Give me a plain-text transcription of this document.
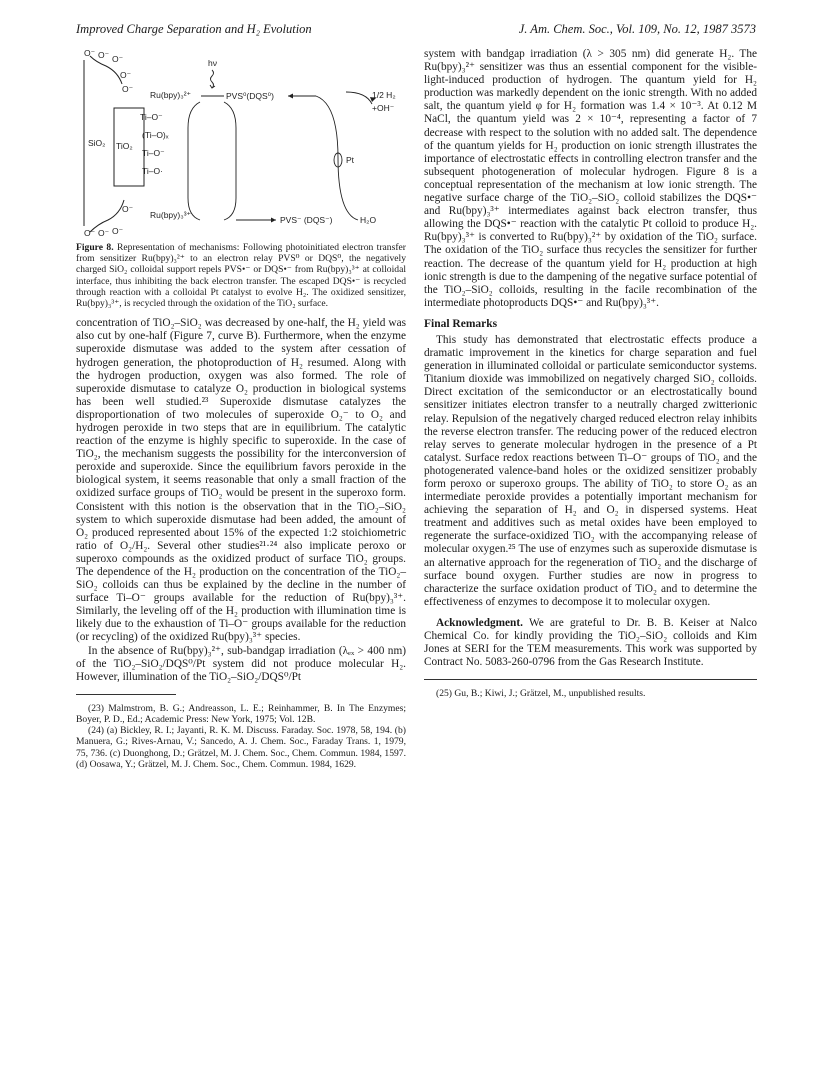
Improved Charge Separation and H₂ Evolution	J. Am. Chem. Soc., Vol. 109, No. 12, 1987 3573
O⁻ O⁻ O⁻
O⁻
O⁻
O⁻ O⁻ O⁻
O⁻
SiO₂ TiO₂
Ti–O⁻
(Ti–O)ₓ
Ti–O⁻
Ti–O·
Ru(bpy)₃²⁺
hν
PVS⁰(DQS⁰)
Ru(bpy)₃³⁺	PVS⁻ (DQS⁻)
Pt
1/2 H₂
+OH⁻
H₂O
Figure 8. Representation of mechanisms: Following photoinitiated electron transfer from sensitizer Ru(bpy)₃²⁺ to an electron relay PVS⁰ or DQS⁰, the negatively charged SiO₂ colloidal support repels PVS•⁻ or DQS•⁻ from Ru(bpy)₃³⁺ at colloidal interface, thus inhibiting the back electron transfer. The escaped DQS•⁻ is recycled through reaction with a colloidal Pt catalyst to evolve H₂. The oxidized sensitizer, Ru(bpy)₃³⁺, is recycled through the oxidation of the TiO₂ surface.

concentration of TiO₂–SiO₂ was decreased by one-half, the H₂ yield was also cut by one-half (Figure 7, curve B). Furthermore, when the enzyme superoxide dismutase was added to the system after cessation of hydrogen generation, the photoproduction of H₂ resumed. Along with the hydrogen production, oxygen was also formed. The role of superoxide dismutase to catalyze O₂ production in biological systems has been well studied.²³ Superoxide dismutase catalyzes the disproportionation of two molecules of superoxide O₂⁻ to O₂ and hydrogen peroxide in two steps that are in equilibrium. The catalytic reaction of the enzyme is highly specific to superoxide. In the case of TiO₂, the mechanism suggests the possibility for the interconversion of peroxide and superoxide. Since the equilibrium favors peroxide in the biological system, it seems reasonable that only a small fraction of the oxidized surface groups of TiO₂ would be present in the superoxo form. Consistent with this notion is the observation that in the TiO₂–SiO₂ system to which superoxide dismutase had been added, the amount of O₂ produced represented about 15% of the expected 1:2 stoichiometric ratio of O₂/H₂. Several other studies²¹·²⁴ also implicate peroxo or superoxo compounds as the oxidized product of surface TiO₂ groups. The dependence of the H₂ production on the concentration of the TiO₂–SiO₂ colloids can thus be explained by the decline in the number of surface Ti–O⁻ groups available for the reduction of Ru(bpy)₃³⁺. Similarly, the leveling off of the H₂ production with illumination time is likely due to the exhaustion of Ti–O⁻ groups available for the reduction (or recycling) of the oxidized Ru(bpy)₃³⁺ species.

In the absence of Ru(bpy)₃²⁺, sub-bandgap irradiation (λₑₓ > 400 nm) of the TiO₂–SiO₂/DQS⁰/Pt system did not produce molecular H₂. However, illumination of the TiO₂–SiO₂/DQS⁰/Pt

(23) Malmstrom, B. G.; Andreasson, L. E.; Reinhammer, B. In The Enzymes; Boyer, P. D., Ed.; Academic Press: New York, 1975; Vol. 12B.

(24) (a) Bickley, R. I.; Jayanti, R. K. M. Discuss. Faraday. Soc. 1978, 58, 194. (b) Manuera, G.; Rives-Arnau, V.; Sancedo, A. J. Chem. Soc., Faraday Trans. 1, 1979, 75, 736. (c) Duonghong, D.; Grätzel, M. J. Chem. Soc., Chem. Commun. 1984, 1597. (d) Oosawa, Y.; Grätzel, M. J. Chem. Soc., Chem. Commun. 1984, 1629.

system with bandgap irradiation (λ > 305 nm) did generate H₂. The Ru(bpy)₃²⁺ sensitizer was thus an essential component for the visible-light-induced production of hydrogen. The quantum yield for H₂ production was markedly dependent on the ionic strength. With no added salt, the quantum yield φ for H₂ formation was 1.4 × 10⁻³. At 0.12 M NaCl, the quantum yield was 2 × 10⁻⁴, representing a factor of 7 decrease with respect to the solution with no added salt. The dependence of the quantum yields for H₂ production on ionic strength illustrates the importance of electrostatic effects in controlling electron transfer and the subsequent photogeneration of molecular hydrogen. Figure 8 is a conceptual representation of the mechanism at low ionic strength. The negative surface charge of the TiO₂–SiO₂ colloid stabilizes the DQS•⁻ and Ru(bpy)₃³⁺ intermediates against back electron transfer, thus allowing the DQS•⁻ reaction with the catalytic Pt colloid to produce H₂. Ru(bpy)₃³⁺ is converted to Ru(bpy)₃²⁺ by oxidation of the TiO₂ surface. The oxidation of the TiO₂ surface thus recycles the sensitizer for further reaction. The decrease of the quantum yield for H₂ production at high ionic strength is due to the dampening of the negative surface potential of the TiO₂–SiO₂ colloids, resulting in the facile recombination of the intermediate photoproducts DQS•⁻ and Ru(bpy)₃³⁺.

Final Remarks

This study has demonstrated that electrostatic effects produce a dramatic improvement in the kinetics for charge separation and fuel generation in illuminated colloidal or particulate semiconductor systems. Titanium dioxide was immobilized on negatively charged SiO₂ colloids. Direct excitation of the semiconductor or an electrostatically bound sensitizer initiates electron transfer to a neutrally charged zwitterionic relay. Repulsion of the negatively charged reduced electron relay inhibits the reverse electron transfer. The reducing power of the reduced electron relay serves to generate molecular hydrogen in the presence of a Pt catalyst. Surface redox reactions between Ti–O⁻ groups of TiO₂ and the photogenerated valence-band holes or the oxidized sensitizer probably form peroxo or superoxo groups. The ability of TiO₂ to store O₂ as an intermediate peroxide provides a potentially important mechanism for achieving the separation of H₂ and O₂ in dispersed systems. Heat treatment and additives such as metal oxides have been employed to regenerate the surface-oxidized TiO₂ with the accompanying release of molecular oxygen.²⁵ The use of enzymes such as superoxide dismutase is an alternative approach for the regeneration of TiO₂ and the discharge of surface bound oxygen. Further studies are now in progress to characterize the surface oxidation product of TiO₂ and to determine the effectiveness of enzymes to decompose it to molecular oxygen.

Acknowledgment. We are grateful to Dr. B. B. Keiser at Nalco Chemical Co. for kindly providing the TiO₂–SiO₂ colloids and Kim Jones at SERI for the TEM measurements. This work was supported by Contract No. 5083-260-0796 from the Gas Research Institute.

(25) Gu, B.; Kiwi, J.; Grätzel, M., unpublished results.
